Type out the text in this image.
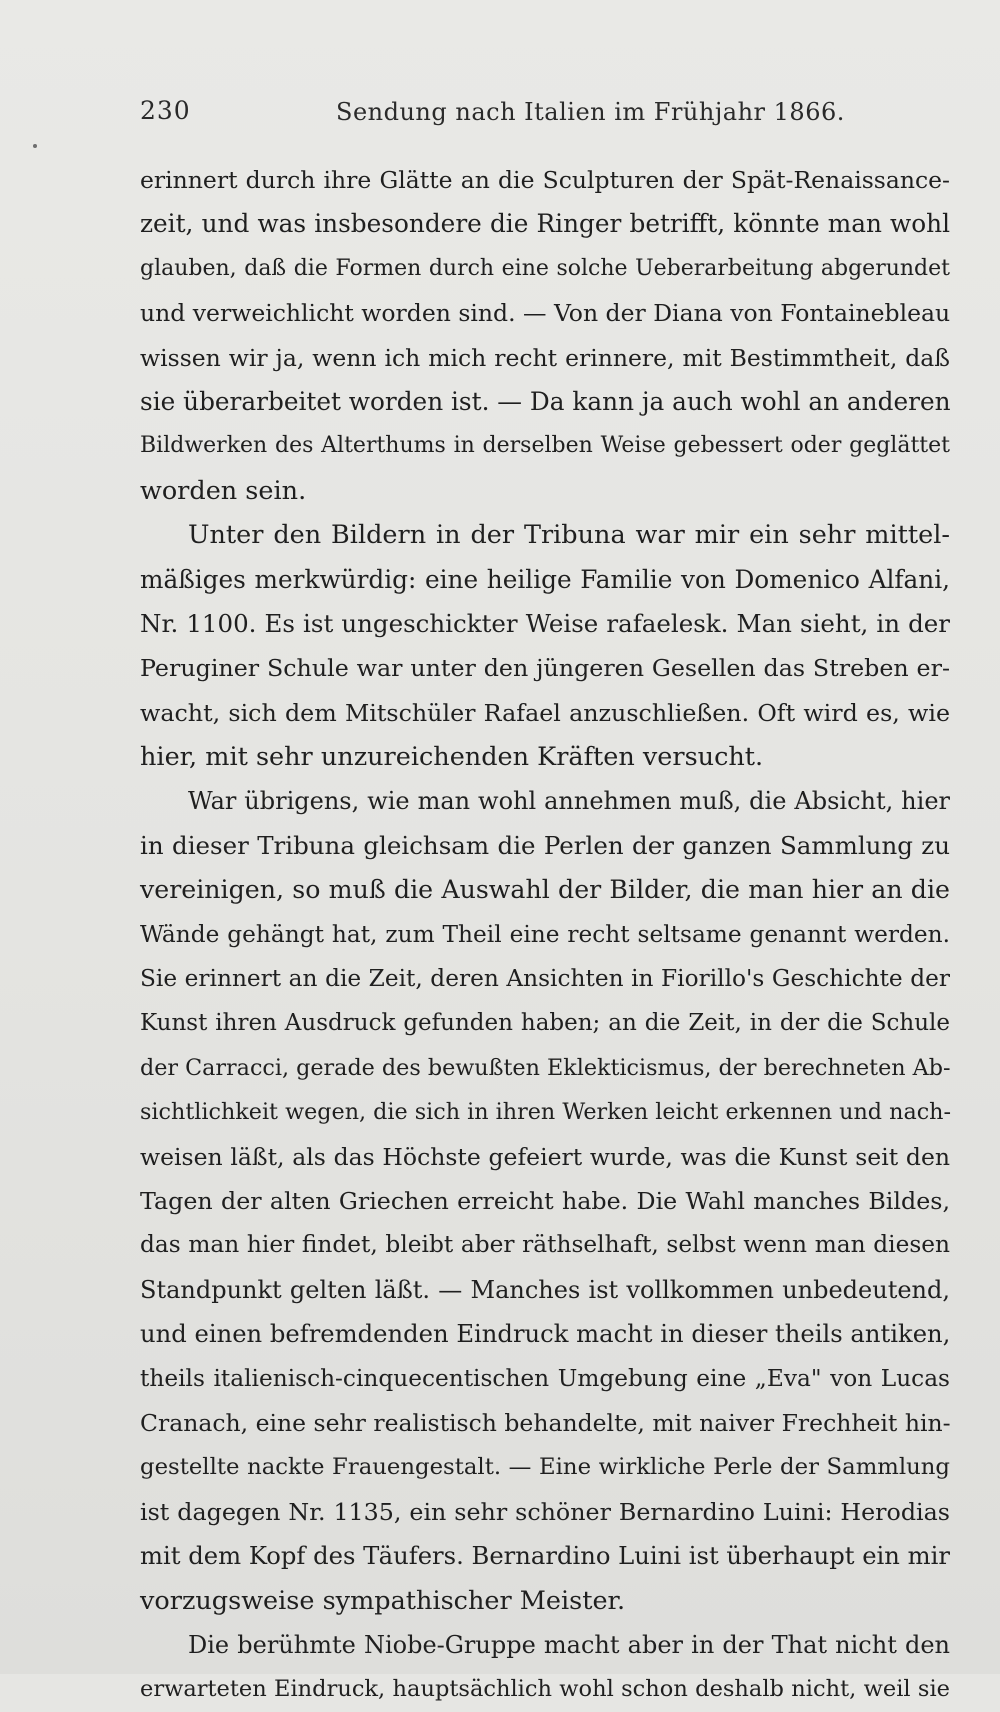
230	Sendung nach Italien im Frühjahr 1866.
erinnert durch ihre Glätte an die Sculpturen der Spät-Renaissance-
zeit, und was insbesondere die Ringer betrifft, könnte man wohl
glauben, daß die Formen durch eine solche Ueberarbeitung abgerundet
und verweichlicht worden sind. — Von der Diana von Fontainebleau
wissen wir ja, wenn ich mich recht erinnere, mit Bestimmtheit, daß
sie überarbeitet worden ist. — Da kann ja auch wohl an anderen
Bildwerken des Alterthums in derselben Weise gebessert oder geglättet
worden sein.
Unter den Bildern in der Tribuna war mir ein sehr mittel-
mäßiges merkwürdig: eine heilige Familie von Domenico Alfani,
Nr. 1100. Es ist ungeschickter Weise rafaelesk. Man sieht, in der
Peruginer Schule war unter den jüngeren Gesellen das Streben er-
wacht, sich dem Mitschüler Rafael anzuschließen. Oft wird es, wie
hier, mit sehr unzureichenden Kräften versucht.
War übrigens, wie man wohl annehmen muß, die Absicht, hier
in dieser Tribuna gleichsam die Perlen der ganzen Sammlung zu
vereinigen, so muß die Auswahl der Bilder, die man hier an die
Wände gehängt hat, zum Theil eine recht seltsame genannt werden.
Sie erinnert an die Zeit, deren Ansichten in Fiorillo's Geschichte der
Kunst ihren Ausdruck gefunden haben; an die Zeit, in der die Schule
der Carracci, gerade des bewußten Eklekticismus, der berechneten Ab-
sichtlichkeit wegen, die sich in ihren Werken leicht erkennen und nach-
weisen läßt, als das Höchste gefeiert wurde, was die Kunst seit den
Tagen der alten Griechen erreicht habe. Die Wahl manches Bildes,
das man hier findet, bleibt aber räthselhaft, selbst wenn man diesen
Standpunkt gelten läßt. — Manches ist vollkommen unbedeutend,
und einen befremdenden Eindruck macht in dieser theils antiken,
theils italienisch-cinquecentischen Umgebung eine „Eva" von Lucas
Cranach, eine sehr realistisch behandelte, mit naiver Frechheit hin-
gestellte nackte Frauengestalt. — Eine wirkliche Perle der Sammlung
ist dagegen Nr. 1135, ein sehr schöner Bernardino Luini: Herodias
mit dem Kopf des Täufers. Bernardino Luini ist überhaupt ein mir
vorzugsweise sympathischer Meister.
Die berühmte Niobe-Gruppe macht aber in der That nicht den
erwarteten Eindruck, hauptsächlich wohl schon deshalb nicht, weil sie
